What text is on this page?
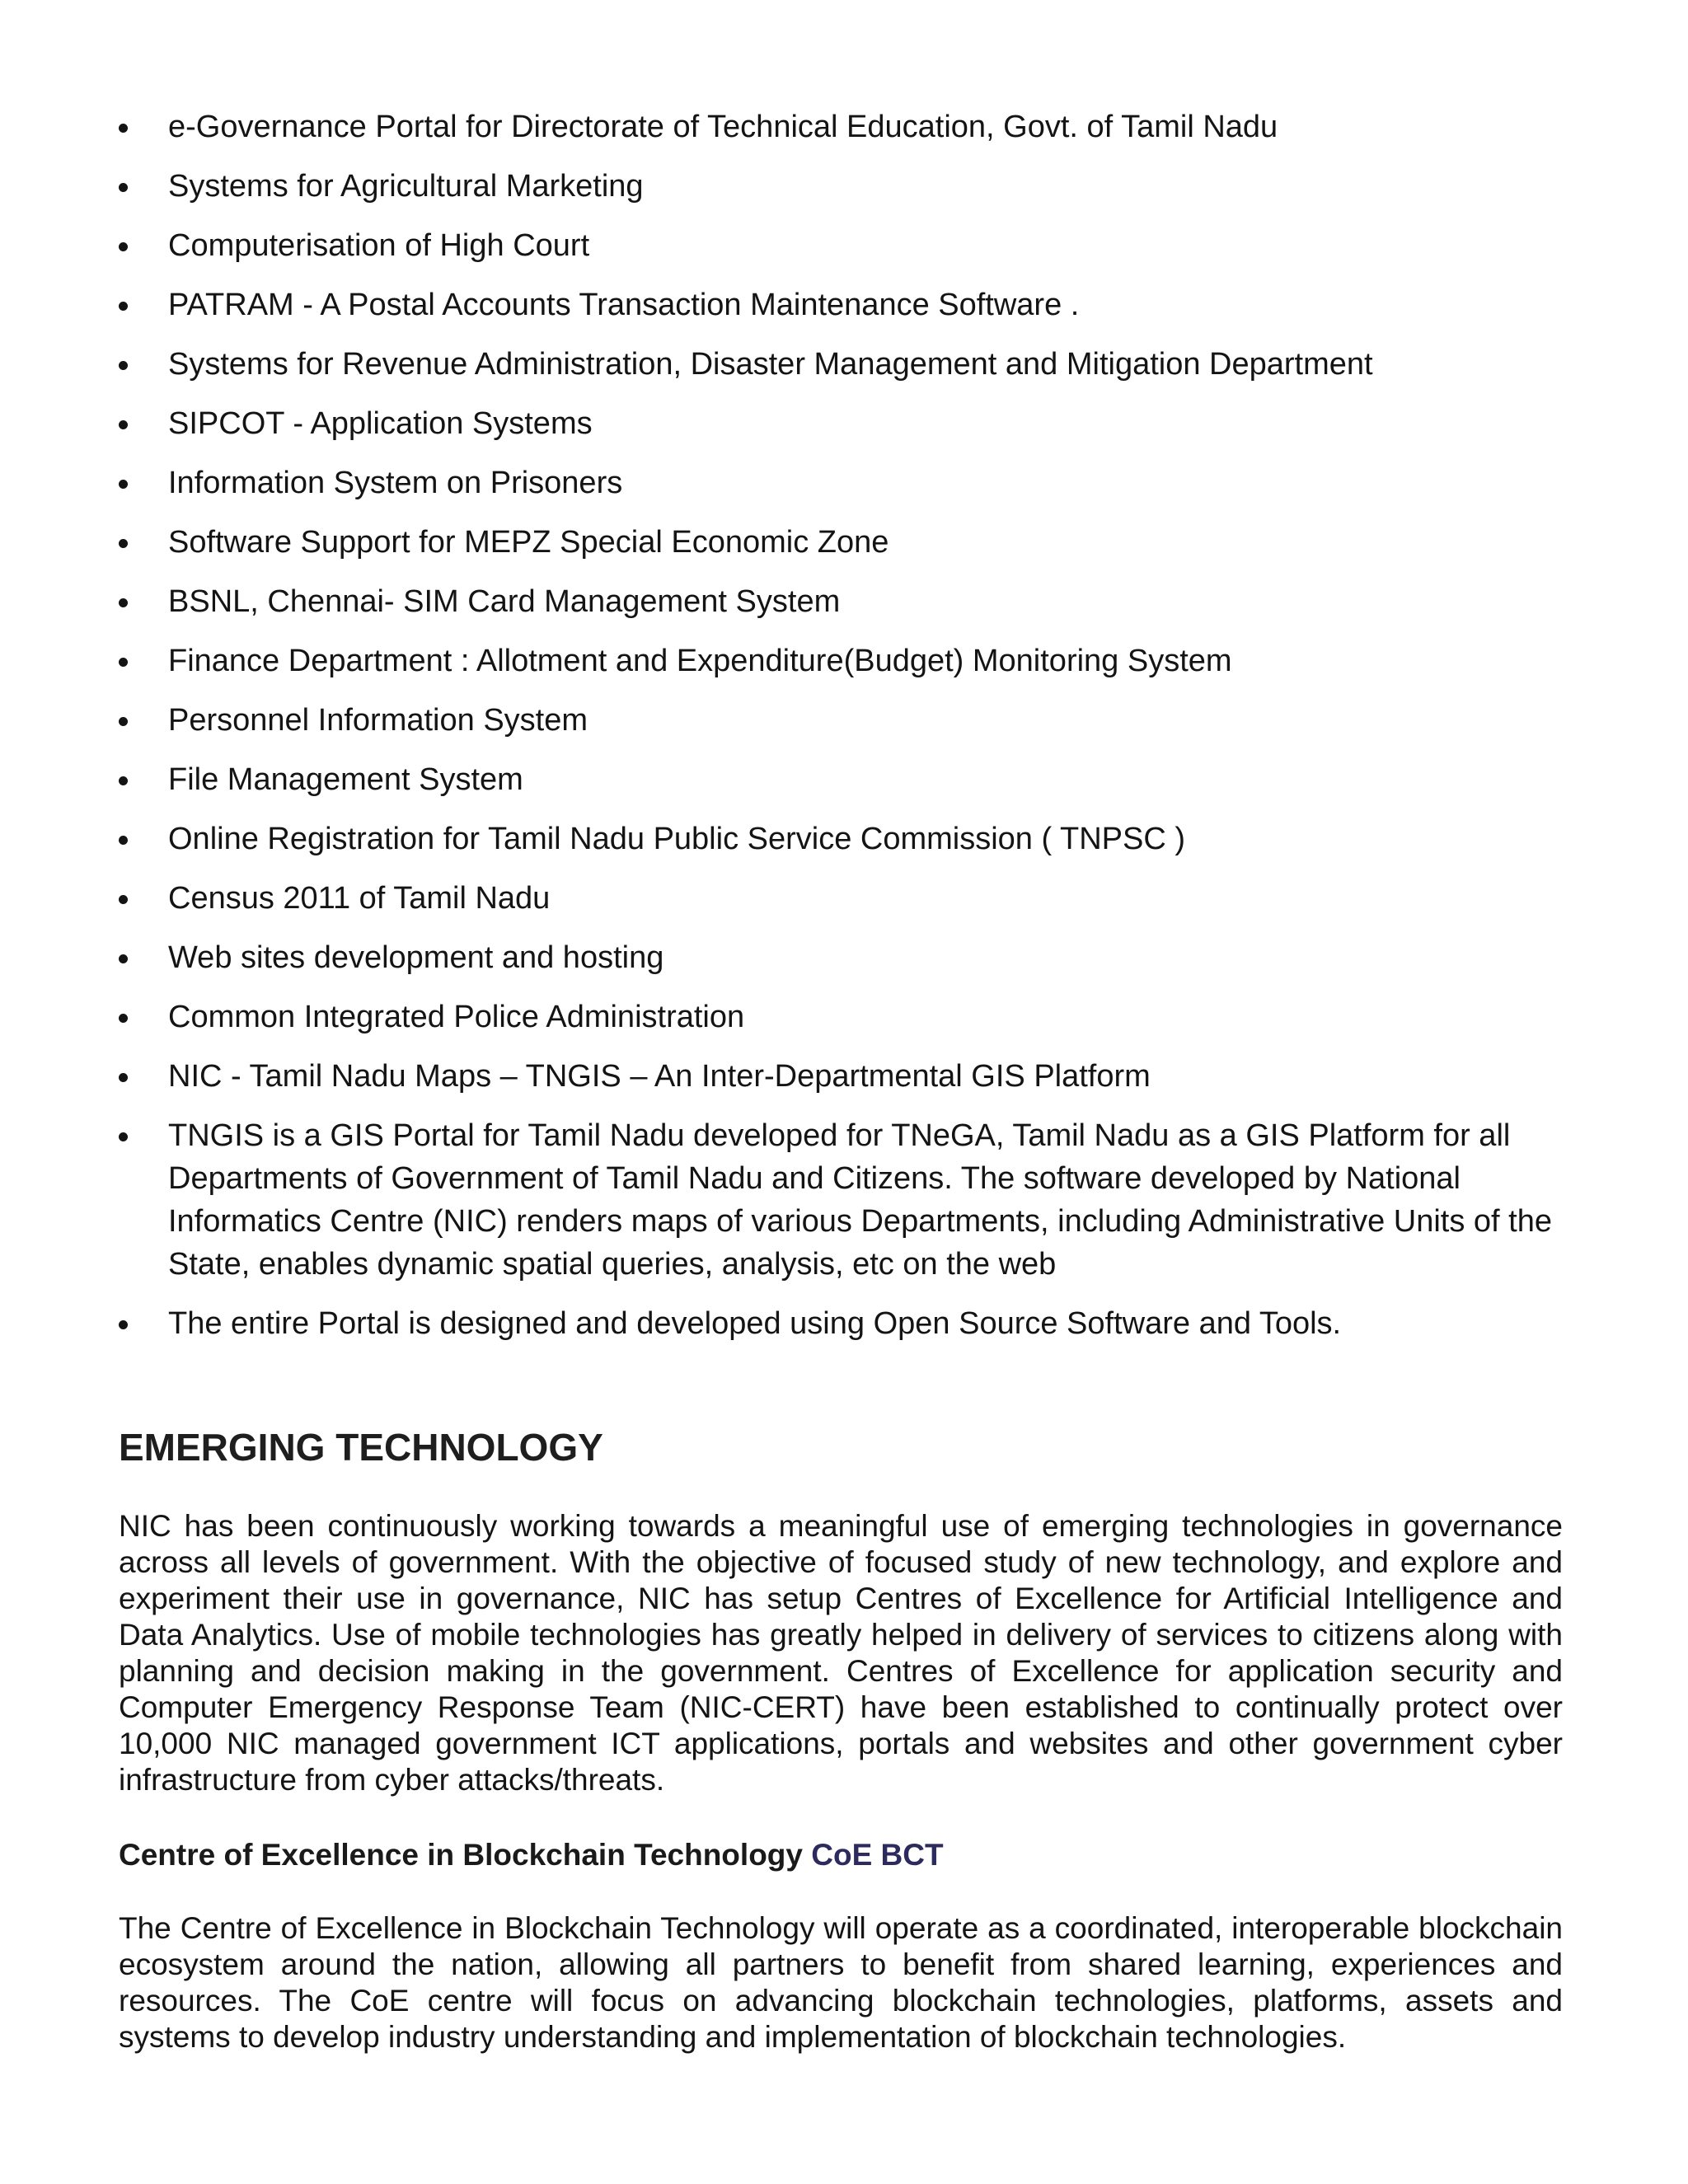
e-Governance Portal for Directorate of Technical Education, Govt. of Tamil Nadu
Systems for Agricultural Marketing
Computerisation of High Court
PATRAM - A Postal Accounts Transaction Maintenance Software .
Systems for Revenue Administration, Disaster Management and Mitigation Department
SIPCOT - Application Systems
Information System on Prisoners
Software Support for MEPZ Special Economic Zone
BSNL, Chennai- SIM Card Management System
Finance Department : Allotment and Expenditure(Budget) Monitoring System
Personnel Information System
File Management System
Online Registration for Tamil Nadu Public Service Commission ( TNPSC )
Census 2011 of Tamil Nadu
Web sites development and hosting
Common Integrated Police Administration
NIC - Tamil Nadu Maps – TNGIS – An Inter-Departmental GIS Platform
TNGIS is a GIS Portal for Tamil Nadu developed for TNeGA, Tamil Nadu as a GIS Platform for all Departments of Government of Tamil Nadu and Citizens. The software developed by National Informatics Centre (NIC) renders maps of various Departments, including Administrative Units of the State, enables dynamic spatial queries, analysis, etc on the web
The entire Portal is designed and developed using Open Source Software and Tools.
EMERGING TECHNOLOGY

NIC has been continuously working towards a meaningful use of emerging technologies in governance across all levels of government. With the objective of focused study of new technology, and explore and experiment their use in governance, NIC has setup Centres of Excellence for Artificial Intelligence and Data Analytics. Use of mobile technologies has greatly helped in delivery of services to citizens along with planning and decision making in the government. Centres of Excellence for application security and Computer Emergency Response Team (NIC-CERT) have been established to continually protect over 10,000 NIC managed government ICT applications, portals and websites and other government cyber infrastructure from cyber attacks/threats.

Centre of Excellence in Blockchain Technology CoE BCT

The Centre of Excellence in Blockchain Technology will operate as a coordinated, interoperable blockchain ecosystem around the nation, allowing all partners to benefit from shared learning, experiences and resources. The CoE centre will focus on advancing blockchain technologies, platforms, assets and systems to develop industry understanding and implementation of blockchain technologies.
